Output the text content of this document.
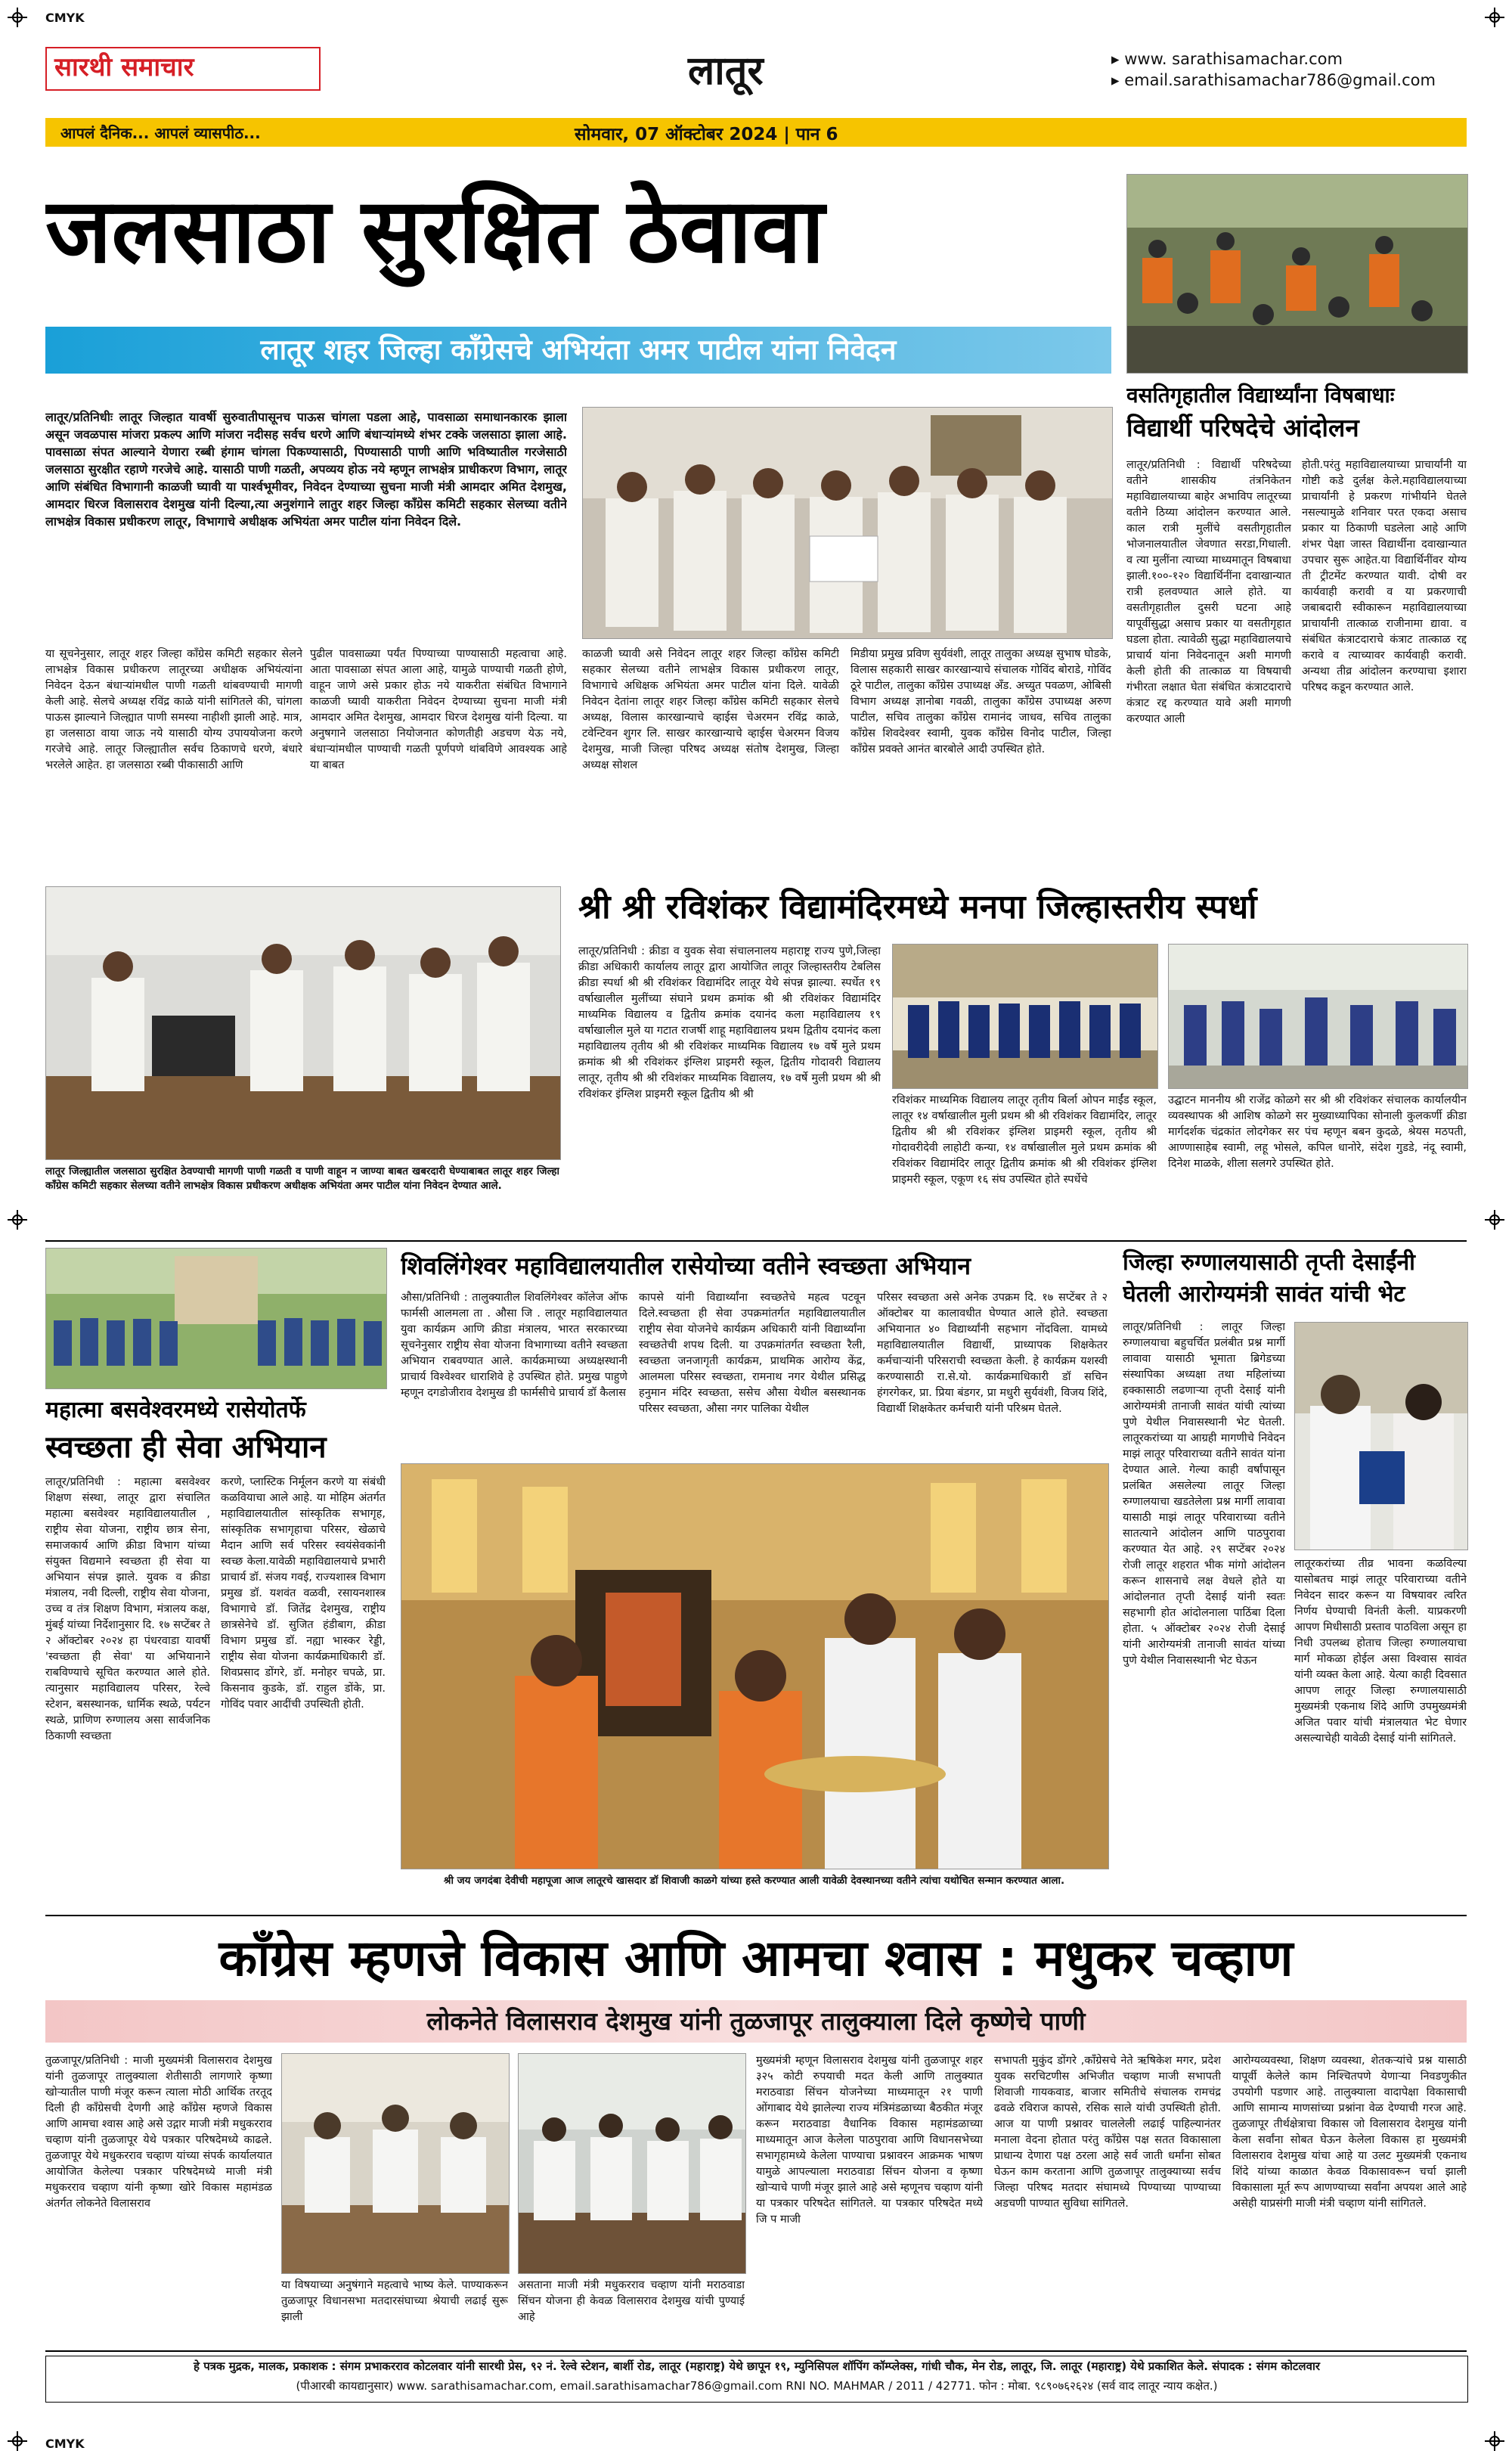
CMYK
CMYK
सारथी समाचार	लातूर	▸ www. sarathisamachar.com
▸ email.sarathisamachar786@gmail.com
आपलं दैनिक... आपलं व्यासपीठ...	सोमवार, 07 ऑक्टोबर 2024 | पान 6
जलसाठा सुरक्षित ठेवावा
लातूर शहर जिल्हा काँग्रेसचे अभियंता अमर पाटील यांना निवेदन
लातूर/प्रतिनिधीः लातूर जिल्हात यावर्षी सुरुवातीपासूनच पाऊस चांगला पडला आहे, पावसाळा समाधानकारक झाला असून जवळपास मांजरा प्रकल्प आणि मांजरा नदीसह सर्वच धरणे आणि बंधाऱ्यांमध्ये शंभर टक्के जलसाठा झाला आहे. पावसाळा संपत आल्याने येणारा रब्बी हंगाम चांगला पिकण्यासाठी, पिण्यासाठी पाणी आणि भविष्यातील गरजेसाठी जलसाठा सुरक्षीत रहाणे गरजेचे आहे. यासाठी पाणी गळती, अपव्यय होऊ नये म्हणून लाभक्षेत्र प्राधीकरण विभाग, लातूर आणि संबंधित विभागानी काळजी घ्यावी या पार्श्वभूमीवर, निवेदन देण्याच्या सुचना माजी मंत्री आमदार अमित देशमुख, आमदार धिरज विलासराव देशमुख यांनी दिल्या,त्या अनुशंगाने लातुर शहर जिल्हा कॉंग्रेस कमिटी सहकार सेलच्या वतीने लाभक्षेत्र विकास प्रधीकरण लातूर, विभागाचे अधीक्षक अभियंता अमर पाटील यांना निवेदन दिले.
या सूचनेनुसार, लातूर शहर जिल्हा काँग्रेस कमिटी सहकार सेलने लाभक्षेत्र विकास प्रधीकरण लातूरच्या अधीक्षक अभियंत्यांना निवेदन देऊन बंधाऱ्यांमधील पाणी गळती थांबवण्याची मागणी केली आहे. सेलचे अध्यक्ष रविंद्र काळे यांनी सांगितले की, चांगला पाऊस झाल्याने जिल्ह्यात पाणी समस्या नाहीशी झाली आहे. मात्र, हा जलसाठा वाया जाऊ नये यासाठी योग्य उपाययोजना करणे गरजेचे आहे. लातूर जिल्ह्यातील सर्वच ठिकाणचे धरणे, बंधारे भरलेले आहेत. हा जलसाठा रब्बी पीकासाठी आणि
पुढील पावसाळ्या पर्यंत पिण्याच्या पाण्यासाठी महत्वाचा आहे. आता पावसाळा संपत आला आहे, यामुळे पाण्याची गळती होणे, वाहून जाणे असे प्रकार होऊ नये याकरीता संबंधित विभागाने काळजी घ्यावी याकरीता निवेदन देण्याच्या सुचना माजी मंत्री आमदार अमित देशमुख, आमदार धिरज देशमुख यांनी दिल्या. या अनुषगाने जलसाठा नियोजनात कोणतीही अडचण येऊ नये, बंधाऱ्यांमधील पाण्याची गळती पूर्णपणे थांबविणे आवश्यक आहे या बाबत
काळजी घ्यावी असे निवेदन लातूर शहर जिल्हा काँग्रेस कमिटी सहकार सेलच्या वतीने लाभक्षेत्र विकास प्रधीकरण लातूर, विभागाचे अधिक्षक अभियंता अमर पाटील यांना दिले. यावेळी निवेदन देतांना लातूर शहर जिल्हा काँग्रेस कमिटी सहकार सेलचे अध्यक्ष, विलास कारखान्याचे व्हाईस चेअरमन रविंद्र काळे, टवेन्टिवन शुगर लि. साखर कारखान्याचे व्हाईस चेअरमन विजय देशमुख, माजी जिल्हा परिषद अध्यक्ष संतोष देशमुख, जिल्हा अध्यक्ष सोशल
मिडीया प्रमुख प्रविण सुर्यवंशी, लातूर तालुका अध्यक्ष सुभाष घोडके, विलास सहकारी साखर कारखान्याचे संचालक गोविंद बोराडे, गोविंद ठूरे पाटील, तालुका कॉंग्रेस उपाध्यक्ष अँड. अच्युत पवळण, ओबिसी विभाग अध्यक्ष ज्ञानोबा गवळी, तालुका कॉंग्रेस उपाध्यक्ष अरुण पाटील, सचिव तालुका कॉंग्रेस रामानंद जाधव, सचिव तालुका कॉंग्रेस शिवदेश्वर स्वामी, युवक कॉंग्रेस विनोद पाटील, जिल्हा कॉंग्रेस प्रवक्ते आनंत बारबोले आदी उपस्थित होते.
लातूर जिल्ह्यातील जलसाठा सुरक्षित ठेवण्याची मागणी पाणी गळती व पाणी वाहून न जाण्या बाबत खबरदारी घेण्याबाबत लातूर शहर जिल्हा काँग्रेस कमिटी सहकार सेलच्या वतीने लाभक्षेत्र विकास प्रधीकरण अधीक्षक अभियंता अमर पाटील यांना निवेदन देण्यात आले.
वसतिगृहातील विद्यार्थ्यांना विषबाधाः
विद्यार्थी परिषदेचे आंदोलन
लातूर/प्रतिनिधी : विद्यार्थी परिषदेच्या वतीने शासकीय तंत्रनिकेतन महाविद्यालयाच्या बाहेर अभाविप लातूरच्या वतीने ठिय्या आंदोलन करण्यात आले. काल रात्री मुलींचे वसतीगृहातील भोजनालयातील जेवणात सरडा,गिधाली. व त्या मुलींना त्याच्या माध्यमातून विषबाधा झाली.१००-१२० विद्यार्थिनींना दवाखान्यात रात्री हलवण्यात आले होते. या वसतीगृहातील दुसरी घटना आहे यापूर्वीसुद्धा असाच प्रकार या वसतीगृहात घडला होता. त्यावेळी सुद्धा महाविद्यालयाचे प्राचार्य यांना निवेदनातून अशी मागणी केली होती की तात्काळ या विषयाची गंभीरता लक्षात घेता संबंधित कंत्राटदाराचे कंत्राट रद्द करण्यात यावे अशी मागणी करण्यात आली
होती.परंतु महाविद्यालयाच्या प्राचार्यांनी या गोष्टी कडे दुर्लक्ष केले.महाविद्यालयाच्या प्राचार्यांनी हे प्रकरण गांभीर्याने घेतले नसल्यामुळे शनिवार परत एकदा असाच प्रकार या ठिकाणी घडलेला आहे आणि शंभर पेक्षा जास्त विद्यार्थीना दवाखान्यात उपचार सुरू आहेत.या विद्यार्थिनींवर योग्य ती ट्रीटमेंट करण्यात यावी. दोषी वर कार्यवाही करावी व या प्रकरणाची जबाबदारी स्वीकारून महाविद्यालयाच्या प्राचार्यांनी तात्काळ राजीनामा द्यावा. व संबंधित कंत्राटदाराचे कंत्राट तात्काळ रद्द करावे व त्याच्यावर कार्यवाही करावी. अन्यथा तीव्र आंदोलन करण्याचा इशारा परिषद कडून करण्यात आले.
श्री श्री रविशंकर विद्यामंदिरमध्ये मनपा जिल्हास्तरीय स्पर्धा
लातूर/प्रतिनिधी : क्रीडा व युवक सेवा संचालनालय महाराष्ट्र राज्य पुणे,जिल्हा क्रीडा अधिकारी कार्यालय लातूर द्वारा आयोजित लातूर जिल्हास्तरीय टेबलिस क्रीडा स्पर्धा श्री श्री रविशंकर विद्यामंदिर लातूर येथे संपन्न झाल्या. स्पर्धेत १९ वर्षाखालील मुलींच्या संघाने प्रथम क्रमांक श्री श्री रविशंकर विद्यामंदिर माध्यमिक विद्यालय व द्वितीय क्रमांक दयानंद कला महाविद्यालय १९ वर्षाखालील मुले या गटात राजर्षी शाहू महाविद्यालय प्रथम द्वितीय दयानंद कला महाविद्यालय तृतीय श्री श्री रविशंकर माध्यमिक विद्यालय १७ वर्षे मुले प्रथम क्रमांक श्री श्री रविशंकर इंग्लिश प्राइमरी स्कूल, द्वितीय गोदावरी विद्यालय लातूर, तृतीय श्री श्री रविशंकर माध्यमिक विद्यालय, १७ वर्षे मुली प्रथम श्री श्री रविशंकर इंग्लिश प्राइमरी स्कूल द्वितीय श्री श्री	रविशंकर माध्यमिक विद्यालय लातूर तृतीय बिर्ला ओपन माईंड स्कूल, लातूर १४ वर्षाखालील मुली प्रथम श्री श्री रविशंकर विद्यामंदिर, लातूर द्वितीय श्री श्री रविशंकर इंग्लिश प्राइमरी स्कूल, तृतीय श्री गोदावरीदेवी लाहोटी कन्या, १४ वर्षाखालील मुले प्रथम क्रमांक श्री रविशंकर विद्यामंदिर लातूर द्वितीय क्रमांक श्री श्री रविशंकर इंग्लिश प्राइमरी स्कूल, एकूण १६ संघ उपस्थित होते स्पर्धेचे
उद्घाटन माननीय श्री राजेंद्र कोळगे सर श्री श्री रविशंकर संचालक कार्यालयीन व्यवस्थापक श्री आशिष कोळगे सर मुख्याध्यापिका सोनाली कुलकर्णी क्रीडा मार्गदर्शक चंद्रकांत लोदगेकर सर पंच म्हणून बबन कुदळे, श्रेयस मठपती, आण्णासाहेब स्वामी, लहू भोसले, कपिल धानोरे, संदेश गुडडे, नंदू स्वामी, दिनेश माळके, शीला सलगरे उपस्थित होते.
महात्मा बसवेश्वरमध्ये रासेयोतर्फे
स्वच्छता ही सेवा अभियान
लातूर/प्रतिनिधी : महात्मा बसवेश्वर शिक्षण संस्था, लातूर द्वारा संचालित महात्मा बसवेश्वर महाविद्यालयातील , राष्ट्रीय सेवा योजना, राष्ट्रीय छात्र सेना, समाजकार्य आणि क्रीडा विभाग यांच्या संयुक्त विद्यमाने स्वच्छता ही सेवा या अभियान संपन्न झाले. युवक व क्रीडा मंत्रालय, नवी दिल्ली, राष्ट्रीय सेवा योजना, उच्च व तंत्र शिक्षण विभाग, मंत्रालय कक्ष, मुंबई यांच्या निर्देशानुसार दि. १७ सप्टेंबर ते २ ऑक्टोबर २०२४ हा पंधरवाडा यावर्षी 'स्वच्छता ही सेवा' या अभियानाने राबविण्याचे सूचित करण्यात आले होते. त्यानुसार महाविद्यालय परिसर, रेल्वे स्टेशन, बसस्थानक, धार्मिक स्थळे, पर्यटन स्थळे, प्राणिण रुग्णालय असा सार्वजनिक ठिकाणी स्वच्छता
करणे, प्लास्टिक निर्मूलन करणे या संबंधी कळवियाचा आले आहे. या मोहिम अंतर्गत महाविद्यालयातील सांस्कृतिक सभागृह, सांस्कृतिक सभागृहाचा परिसर, खेळाचे मैदान आणि सर्व परिसर स्वयंसेवकांनी स्वच्छ केला.यावेळी महाविद्यालयाचे प्रभारी प्राचार्य डॉ. संजय गवई, राज्यशास्त्र विभाग प्रमुख डॉ. यशवंत वळवी, रसायनशास्त्र विभागाचे डॉ. जितेंद्र देशमुख, राष्ट्रीय छात्रसेनेचे डॉ. सुजित हंडीबाग, क्रीडा विभाग प्रमुख डॉ. नह्या भास्कर रेड्डी, राष्ट्रीय सेवा योजना कार्यक्रमाधिकारी डॉ. शिवप्रसाद डोंगरे, डॉ. मनोहर चपळे, प्रा. किसनाव कुडके, डॉ. राहुल डोंके, प्रा. गोविंद पवार आदींची उपस्थिती होती.
शिवलिंगेश्वर महाविद्यालयातील रासेयोच्या वतीने स्वच्छता अभियान
औसा/प्रतिनिधी : तालुक्यातील शिवलिंगेश्वर कॉलेज ऑफ फार्मसी आलमला ता . औसा जि . लातूर महाविद्यालयात युवा कार्यक्रम आणि क्रीडा मंत्रालय, भारत सरकारच्या सूचनेनुसार राष्ट्रीय सेवा योजना विभागाच्या वतीने स्वच्छता अभियान राबवण्यात आले. कार्यक्रमाच्या अध्यक्षस्थानी प्राचार्य विश्वेश्वर धाराशिवे हे उपस्थित होते. प्रमुख पाहुणे म्हणून दगडोजीराव देशमुख डी फार्मसीचे प्राचार्य डॉ कैलास
कापसे यांनी विद्यार्थ्यांना स्वच्छतेचे महत्व पटवून दिले.स्वच्छता ही सेवा उपक्रमांतर्गत महाविद्यालयातील राष्ट्रीय सेवा योजनेचे कार्यक्रम अधिकारी यांनी विद्यार्थ्यांना स्वच्छतेची शपथ दिली. या उपक्रमांतर्गत स्वच्छता रैली, स्वच्छता जनजागृती कार्यक्रम, प्राथमिक आरोग्य केंद्र, आलमला परिसर स्वच्छता, रामनाथ नगर येथील प्रसिद्ध हनुमान मंदिर स्वच्छता, ससेच औसा येथील बसस्थानक परिसर स्वच्छता, औसा नगर पालिका येथील
परिसर स्वच्छता असे अनेक उपक्रम दि. १७ सप्टेंबर ते २ ऑक्टोबर या कालावधीत घेण्यात आले होते. स्वच्छता अभियानात ४० विद्यार्थ्यांनी सहभाग नोंदविला. यामध्ये महाविद्यालयातील विद्यार्थी, प्राध्यापक शिक्षकेतर कर्मचाऱ्यांनी परिसराची स्वच्छता केली. हे कार्यक्रम यशस्वी करण्यासाठी रा.से.यो. कार्यक्रमाधिकारी डॉ सचिन हंगरगेकर, प्रा. प्रिया बंडगर, प्रा मधुरी सुर्यवंशी, विजय शिंदे, विद्यार्थी शिक्षकेतर कर्मचारी यांनी परिश्रम घेतले.
श्री जय जगदंबा देवीची महापूजा आज लातूरचे खासदार डॉ शिवाजी काळगे यांच्या हस्ते करण्यात आली यावेळी देवस्थानच्या वतीने त्यांचा यथोचित सन्मान करण्यात आला.
जिल्हा रुग्णालयासाठी तृप्ती देसाईंनी
घेतली आरोग्यमंत्री सावंत यांची भेट
लातूर/प्रतिनिधी : लातूर जिल्हा रुग्णालयाचा बहुचर्चित प्रलंबीत प्रश्न मार्गी लावावा यासाठी भूमाता ब्रिगेडच्या संस्थापिका अध्यक्षा तथा महिलांच्या हक्कासाठी लढणाऱ्या तृप्ती देसाई यांनी आरोग्यमंत्री तानाजी सावंत यांची त्यांच्या पुणे येथील निवासस्थानी भेट घेतली. लातूरकरांच्या या आग्रही मागणीचे निवेदन माझं लातूर परिवाराच्या वतीने सावंत यांना देण्यात आले. गेल्या काही वर्षांपासून प्रलंबित असलेल्या लातूर जिल्हा रुग्णालयाचा खडतेलेला प्रश्न मार्गी लावावा यासाठी माझं लातूर परिवाराच्या वतीने सातत्याने आंदोलन आणि पाठपुरावा करण्यात येत आहे. २९ सप्टेंबर २०२४ रोजी लातूर शहरात भीक मांगो आंदोलन करून शासनाचे लक्ष वेधले होते या आंदोलनात तृप्ती देसाई यांनी स्वतः सहभागी होत आंदोलनाला पाठिंबा दिला होता. ५ ऑक्टोबर २०२४ रोजी देसाई यांनी आरोग्यमंत्री तानाजी सावंत यांच्या पुणे येथील निवासस्थानी भेट घेऊन
लातूरकरांच्या तीव्र भावना कळविल्या यासोबतच माझं लातूर परिवाराच्या वतीने निवेदन सादर करून या विषयावर त्वरित निर्णय घेण्याची विनंती केली. याप्रकरणी आपण मिधीसाठी प्रस्ताव पाठविला असून हा निधी उपलब्ध होताच जिल्हा रुग्णालयाचा मार्ग मोकळा होईल असा विश्वास सावंत यांनी व्यक्त केला आहे. येत्या काही दिवसात आपण लातूर जिल्हा रुग्णालयासाठी मुख्यमंत्री एकनाथ शिंदे आणि उपमुख्यमंत्री अजित पवार यांची मंत्रालयात भेट घेणार असल्याचेही यावेळी देसाई यांनी सांगितले.
काँग्रेस म्हणजे विकास आणि आमचा श्वास : मधुकर चव्हाण
लोकनेते विलासराव देशमुख यांनी तुळजापूर तालुक्याला दिले कृष्णेचे पाणी
तुळजापूर/प्रतिनिधी : माजी मुख्यमंत्री विलासराव देशमुख यांनी तुळजापूर तालुक्याला शेतीसाठी लागणारे कृष्णा खोऱ्यातील पाणी मंजूर करून त्याला मोठी आर्थिक तरतूद दिली ही काँग्रेसची देणगी आहे काँग्रेस म्हणजे विकास आणि आमचा श्वास आहे असे उद्गार माजी मंत्री मधुकरराव चव्हाण यांनी तुळजापूर येथे पत्रकार परिषदेमध्ये काढले. तुळजापूर येथे मधुकरराव चव्हाण यांच्या संपर्क कार्यालयात आयोजित केलेल्या पत्रकार परिषदेमध्ये माजी मंत्री मधुकरराव चव्हाण यांनी कृष्णा खोरे विकास महामंडळ अंतर्गत लोकनेते विलासराव
या विषयाच्या अनुषंगाने महत्वाचे भाष्य केले. पाण्याकरून तुळजापूर विधानसभा मतदारसंघाच्या श्रेयाची लढाई सुरू झाली
असताना माजी मंत्री मधुकरराव चव्हाण यांनी मराठवाडा सिंचन योजना ही केवळ विलासराव देशमुख यांची पुण्याई आहे
मुख्यमंत्री म्हणून विलासराव देशमुख यांनी तुळजापूर शहर ३२५ कोटी रुपयाची मदत केली आणि तालुक्यात मराठवाडा सिंचन योजनेच्या माध्यमातून २१ पाणी ओंगाबाद येथे झालेल्या राज्य मंत्रिमंडळाच्या बैठकीत मंजूर करून मराठवाडा वैधानिक विकास महामंडळाच्या माध्यमातून आज केलेला पाठपुरावा आणि विधानसभेच्या सभागृहामध्ये केलेला पाण्याचा प्रश्नावरन आक्रमक भाषण यामुळे आपल्याला मराठवाडा सिंचन योजना व कृष्णा खोऱ्याचे पाणी मंजूर झाले आहे असे म्हणूनच चव्हाण यांनी या पत्रकार परिषदेत सांगितले. या पत्रकार परिषदेत मध्ये जि प माजी
सभापती मुकुंद डोंगरे ,काँग्रेसचे नेते ऋषिकेश मगर, प्रदेश युवक सरचिटणीस अभिजीत चव्हाण माजी सभापती शिवाजी गायकवाड, बाजार समितीचे संचालक रामचंद्र ढवळे रविराज कापसे, रसिक साले यांची उपस्थिती होती. आज या पाणी प्रश्नावर चाललेली लढाई पाहिल्यानंतर मनाला वेदना होतात परंतु काँग्रेस पक्ष सतत विकासाला प्राधान्य देणारा पक्ष ठरला आहे सर्व जाती धर्मांना सोबत घेऊन काम करताना आणि तुळजापूर तालुक्याच्या सर्वच जिल्हा परिषद मतदार संघामध्ये पिण्याच्या पाण्याच्या अडचणी पाण्यात सुविधा सांगितले.
आरोग्यव्यवस्था, शिक्षण व्यवस्था, शेतकऱ्यांचे प्रश्न यासाठी यापूर्वी केलेले काम निश्चितपणे येणाऱ्या निवडणुकीत उपयोगी पडणार आहे. तालुक्याला वादापेक्षा विकासाची आणि सामान्य माणसांच्या प्रश्नांना वेळ देण्याची गरज आहे. तुळजापूर तीर्थक्षेत्राचा विकास जो विलासराव देशमुख यांनी केला सर्वांना सोबत घेऊन केलेला विकास हा मुख्यमंत्री विलासराव देशमुख यांचा आहे या उलट मुख्यमंत्री एकनाथ शिंदे यांच्या काळात केवळ विकासावरून चर्चा झाली विकासाला मूर्त रूप आणण्याच्या सर्वांना अपयश आले आहे असेही याप्रसंगी माजी मंत्री चव्हाण यांनी सांगितले.
हे पत्रक मुद्रक, मालक, प्रकाशक : संगम प्रभाकरराव कोटलवार यांनी सारथी प्रेस, ९२ नं. रेल्वे स्टेशन, बार्शी रोड, लातूर (महाराष्ट्र) येथे छापून १९, म्युनिसिपल शॉपिंग कॉम्प्लेक्स, गांधी चौक, मेन रोड, लातूर, जि. लातूर (महाराष्ट्र) येथे प्रकाशित केले. संपादक : संगम कोटलवार
(पीआरबी कायद्यानुसार) www. sarathisamachar.com, email.sarathisamachar786@gmail.com RNI NO. MAHMAR / 2011 / 42771. फोन : मोबा. ९८९०७६२६२४ (सर्व वाद लातूर न्याय कक्षेत.)
